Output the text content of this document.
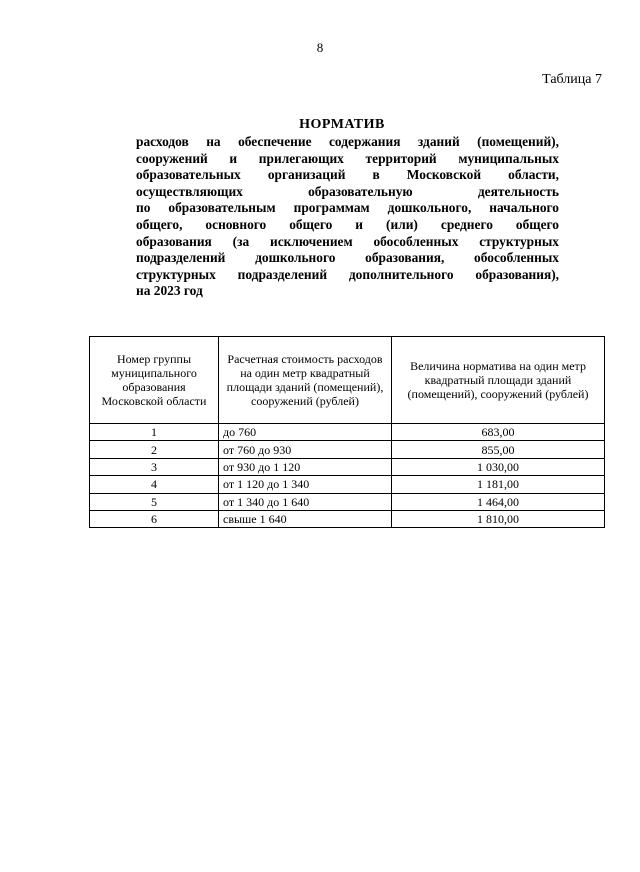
8
Таблица 7
НОРМАТИВ
расходов на обеспечение содержания зданий (помещений),
сооружений и прилегающих территорий муниципальных
образовательных организаций в Московской области,
осуществляющих образовательную деятельность
по образовательным программам дошкольного, начального
общего, основного общего и (или) среднего общего
образования (за исключением обособленных структурных
подразделений дошкольного образования, обособленных
структурных подразделений дополнительного образования),
на 2023 год
Номер группы муниципального образования Московской области	Расчетная стоимость расходов на один метр квадратный площади зданий (помещений), сооружений (рублей)	Величина норматива на один метр квадратный площади зданий (помещений), сооружений (рублей)
1	до 760	683,00
2	от 760 до 930	855,00
3	от 930 до 1 120	1 030,00
4	от 1 120 до 1 340	1 181,00
5	от 1 340 до 1 640	1 464,00
6	свыше 1 640	1 810,00
